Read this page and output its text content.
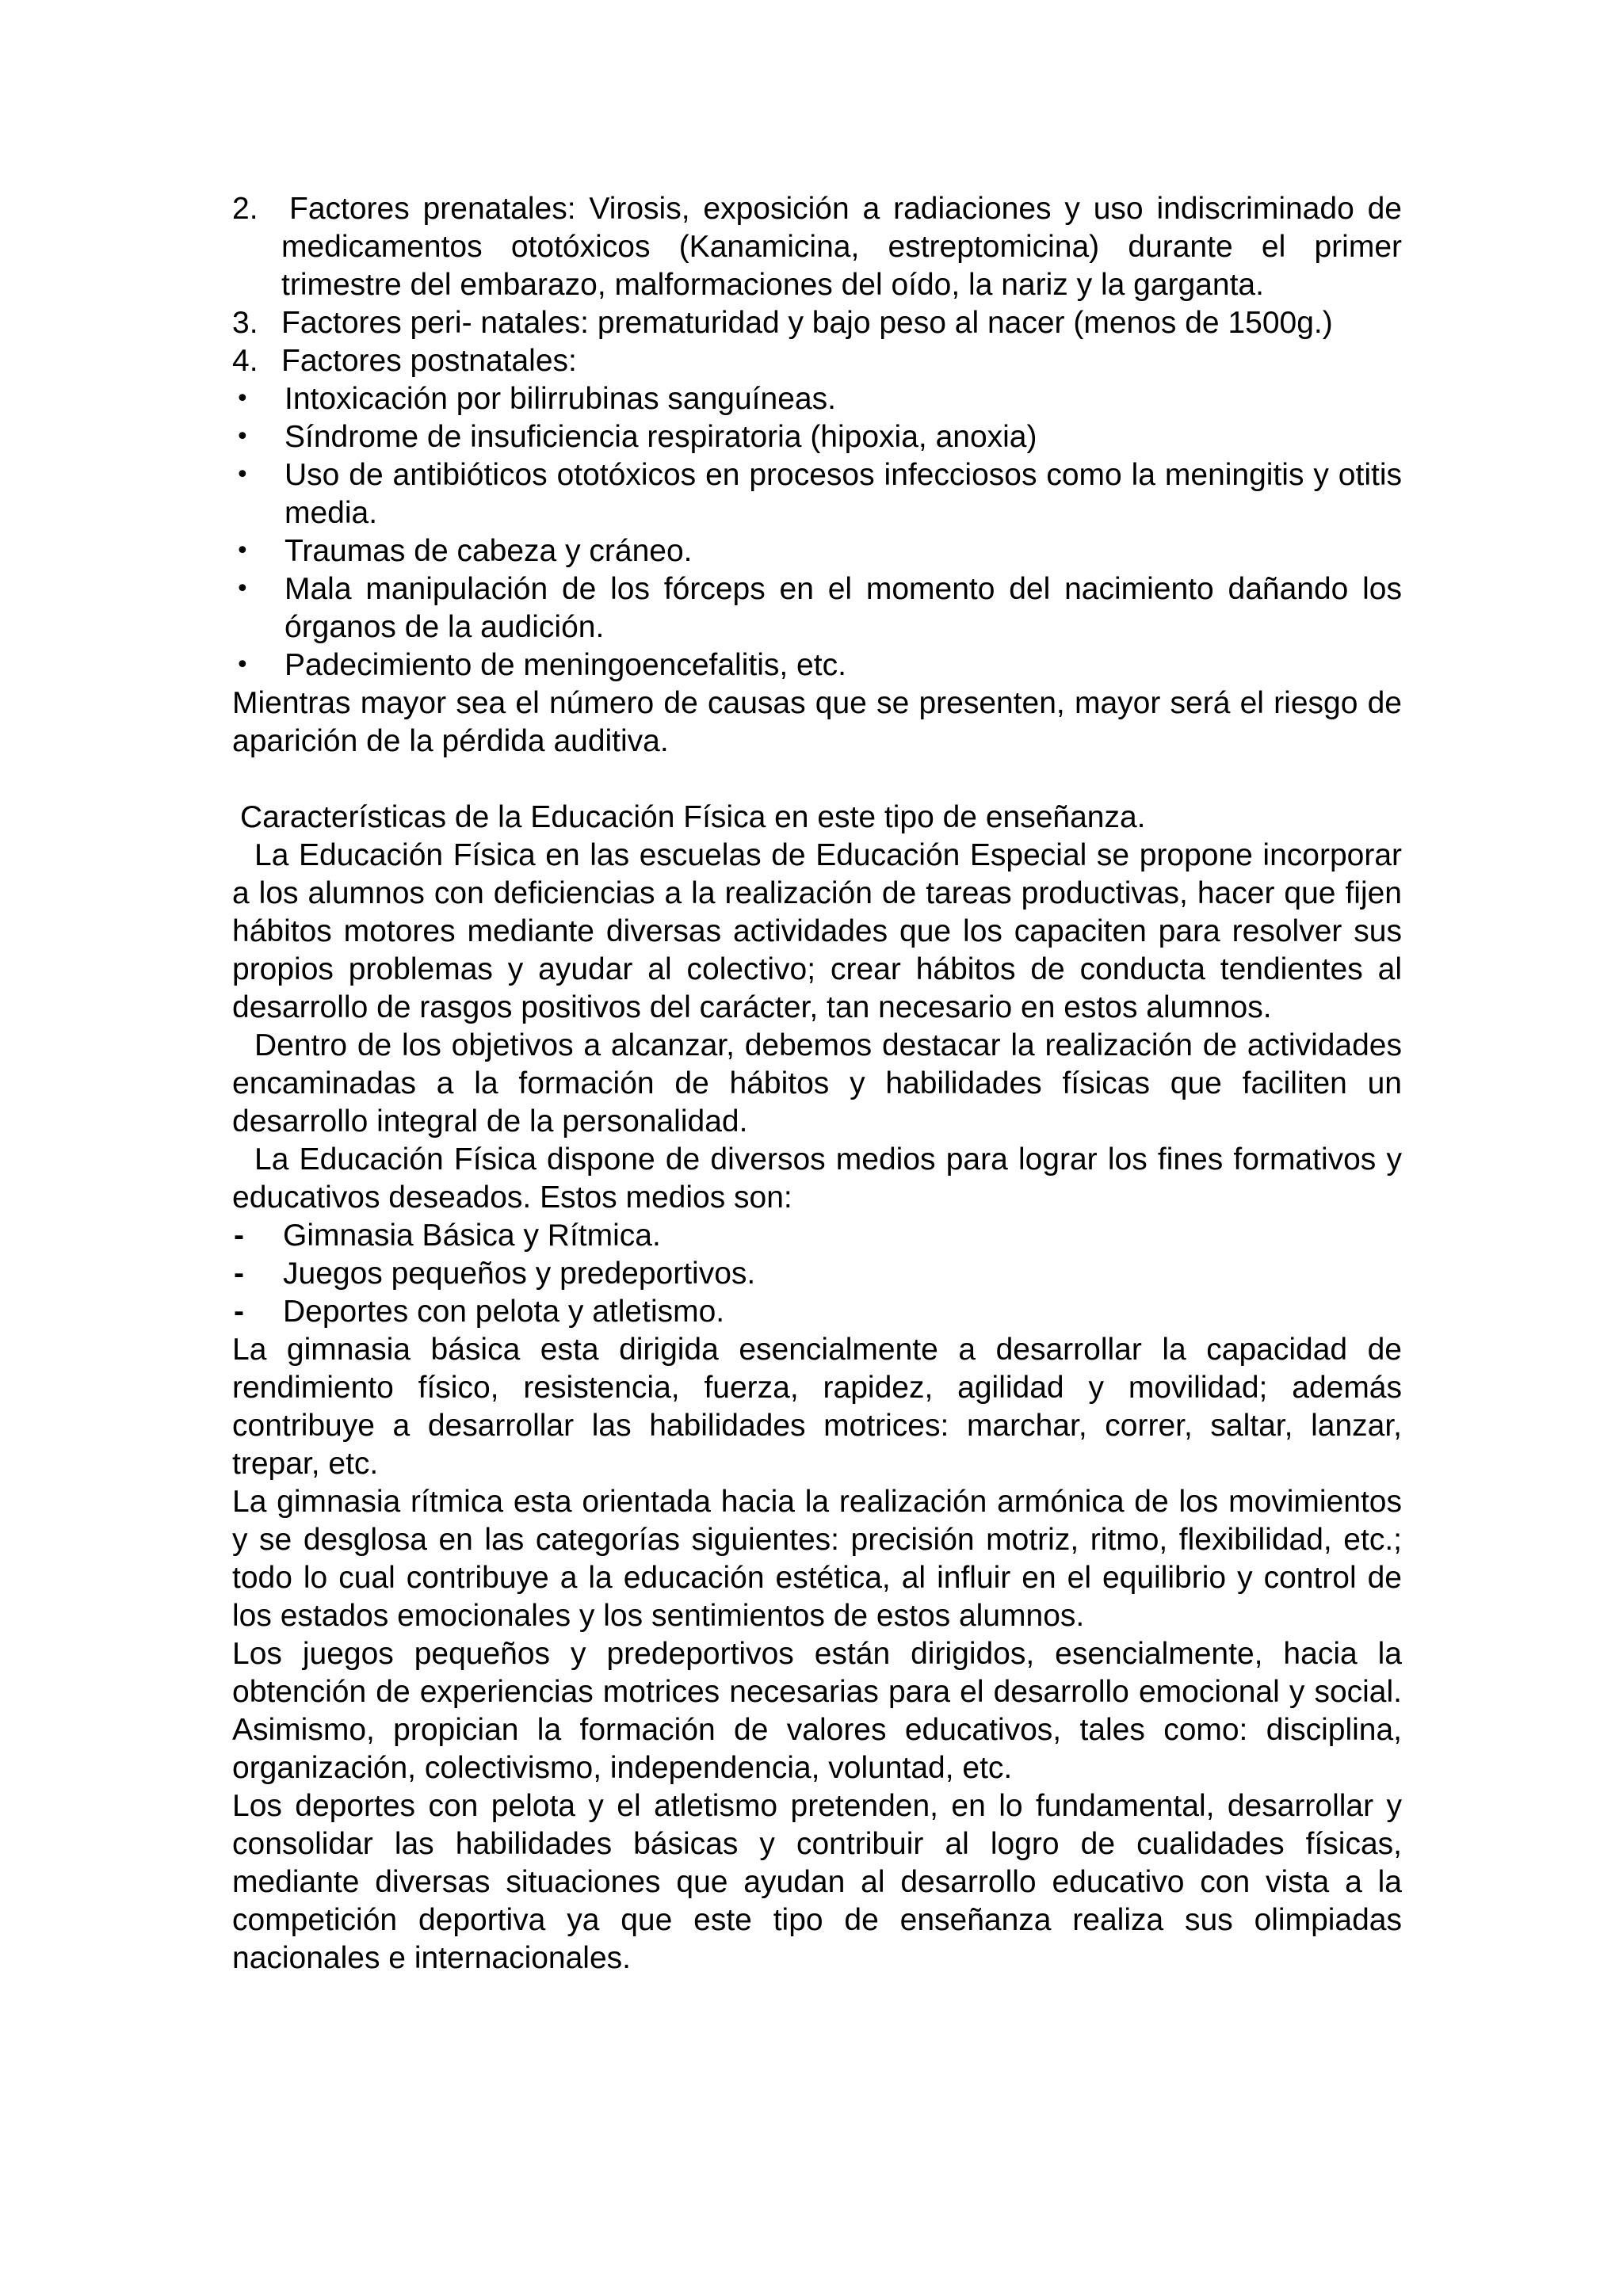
2.	Factores prenatales: Virosis, exposición a radiaciones y uso indiscriminado de medicamentos ototóxicos (Kanamicina, estreptomicina) durante el primer trimestre del embarazo, malformaciones del oído, la nariz y la garganta.
3. Factores peri- natales: prematuridad y bajo peso al nacer (menos de 1500g.)
4. Factores postnatales:
•	Intoxicación por bilirrubinas sanguíneas.
•	Síndrome de insuficiencia respiratoria (hipoxia, anoxia)
•	Uso de antibióticos ototóxicos en procesos infecciosos como la meningitis y otitis media.
•	Traumas de cabeza y cráneo.
•	Mala manipulación de los fórceps en el momento del nacimiento dañando los órganos de la audición.
•	Padecimiento de meningoencefalitis, etc.
Mientras mayor sea el número de causas que se presenten, mayor será el riesgo de aparición de la pérdida auditiva.
Características de la Educación Física en este tipo de enseñanza.
La Educación Física en las escuelas de Educación Especial se propone incorporar a los alumnos con deficiencias a la realización de tareas productivas, hacer que fijen hábitos motores mediante diversas actividades que los capaciten para resolver sus propios problemas y ayudar al colectivo; crear hábitos de conducta tendientes al desarrollo de rasgos positivos del carácter, tan necesario en estos alumnos.
Dentro de los objetivos a alcanzar, debemos destacar la realización de actividades encaminadas a la formación de hábitos y habilidades físicas que faciliten un desarrollo integral de la personalidad.
La Educación Física dispone de diversos medios para lograr los fines formativos y educativos deseados. Estos medios son:
-	Gimnasia Básica y Rítmica.
-	Juegos pequeños y predeportivos.
-	Deportes con pelota y atletismo.
La gimnasia básica esta dirigida esencialmente a desarrollar la capacidad de rendimiento físico, resistencia, fuerza, rapidez, agilidad y movilidad; además contribuye a desarrollar las habilidades motrices: marchar, correr, saltar, lanzar, trepar, etc.
La gimnasia rítmica esta orientada hacia la realización armónica de los movimientos y se desglosa en las categorías siguientes: precisión motriz, ritmo, flexibilidad, etc.; todo lo cual contribuye a la educación estética, al influir en el equilibrio y control de los estados emocionales y los sentimientos de estos alumnos.
Los juegos pequeños y predeportivos están dirigidos, esencialmente, hacia la obtención de experiencias motrices necesarias para el desarrollo emocional y social. Asimismo, propician la formación de valores educativos, tales como: disciplina, organización, colectivismo, independencia, voluntad, etc.
Los deportes con pelota y el atletismo pretenden, en lo fundamental, desarrollar y consolidar las habilidades básicas y contribuir al logro de cualidades físicas, mediante diversas situaciones que ayudan al desarrollo educativo con vista a la competición deportiva ya que este tipo de enseñanza realiza sus olimpiadas nacionales e internacionales.
